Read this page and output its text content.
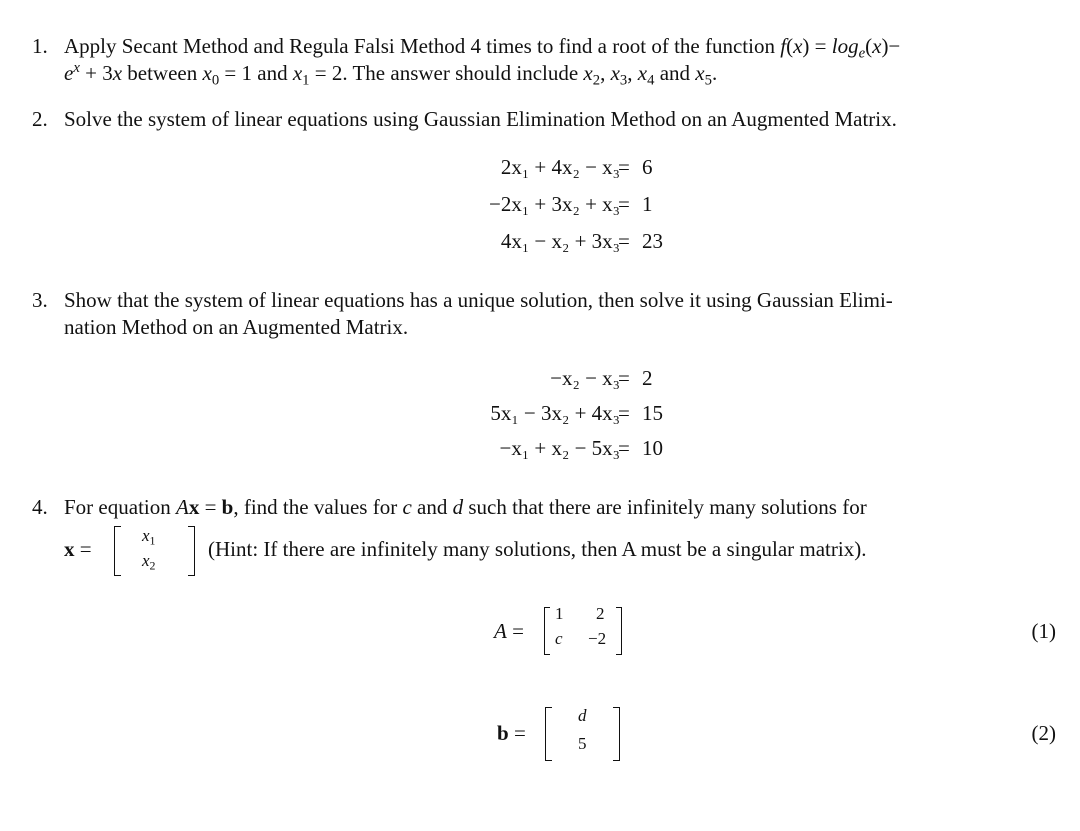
1. Apply Secant Method and Regula Falsi Method 4 times to find a root of the function $f(x) = \log_e(x)-$
$e^x + 3x$ between $x_0 = 1$ and $x_1 = 2$. The answer should include $x_2$, $x_3$, $x_4$ and $x_5$.
2. Solve the system of linear equations using Gaussian Elimination Method on an Augmented Matrix.
2x₁ + 4x₂ − x₃
= 6
−2x₁ + 3x₂ + x₃
= 1
4x₁ − x₂ + 3x₃
= 23
3. Show that the system of linear equations has a unique solution, then solve it using Gaussian Elimi-
nation Method on an Augmented Matrix.
−x₂ − x₃
= 2
5x₁ − 3x₂ + 4x₃
= 15
−x₁ + x₂ − 5x₃
= 10
4. For equation Ax = b, find the values for c and d such that there are infinitely many solutions for
x =
$x_1$
$x_2$
(Hint: If there are infinitely many solutions, then A must be a singular matrix).
A =
1 2
c −2	(1)
b =
d
5	(2)
